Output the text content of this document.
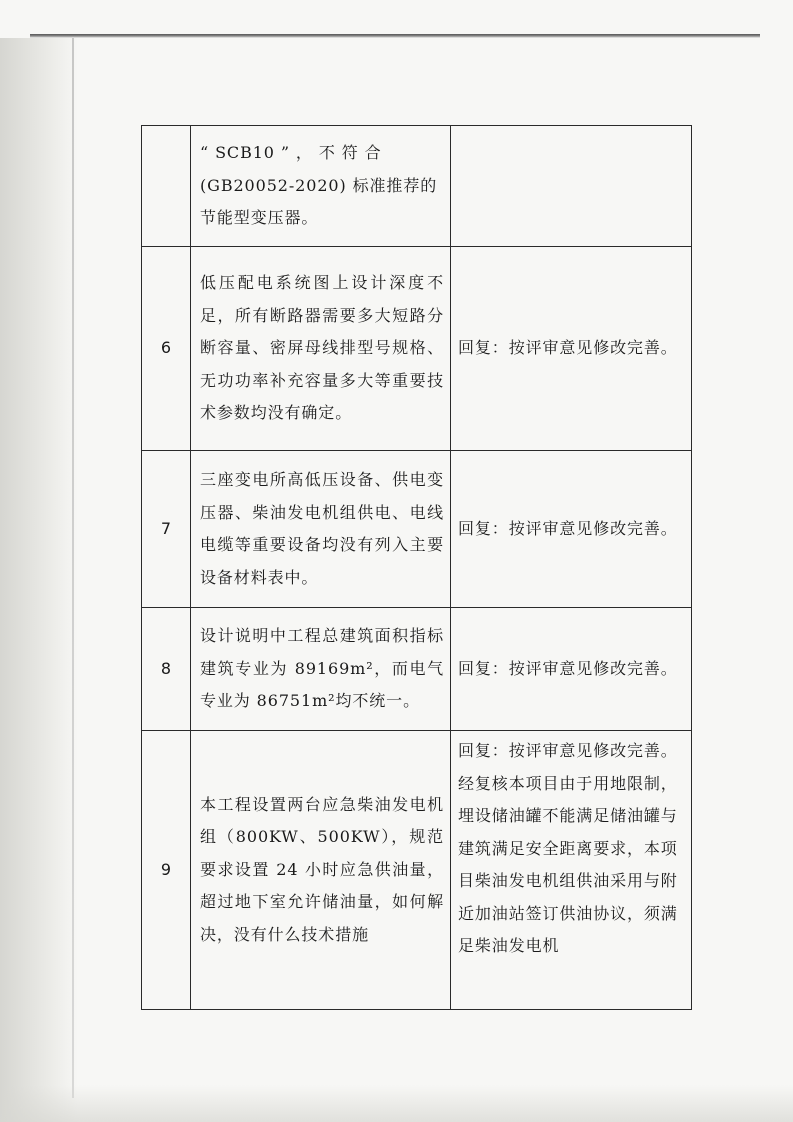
	“ SCB10 ” ， 不 符 合 (GB20052-2020) 标准推荐的节能型变压器。	
6	低压配电系统图上设计深度不足，所有断路器需要多大短路分断容量、密屏母线排型号规格、无功功率补充容量多大等重要技术参数均没有确定。	回复：按评审意见修改完善。
7	三座变电所高低压设备、供电变压器、柴油发电机组供电、电线电缆等重要设备均没有列入主要设备材料表中。	回复：按评审意见修改完善。
8	设计说明中工程总建筑面积指标建筑专业为 89169m²，而电气专业为 86751m²均不统一。	回复：按评审意见修改完善。
9	本工程设置两台应急柴油发电机组（800KW、500KW），规范要求设置 24 小时应急供油量，超过地下室允许储油量，如何解决，没有什么技术措施	回复：按评审意见修改完善。经复核本项目由于用地限制，埋设储油罐不能满足储油罐与建筑满足安全距离要求，本项目柴油发电机组供油采用与附近加油站签订供油协议，须满足柴油发电机
